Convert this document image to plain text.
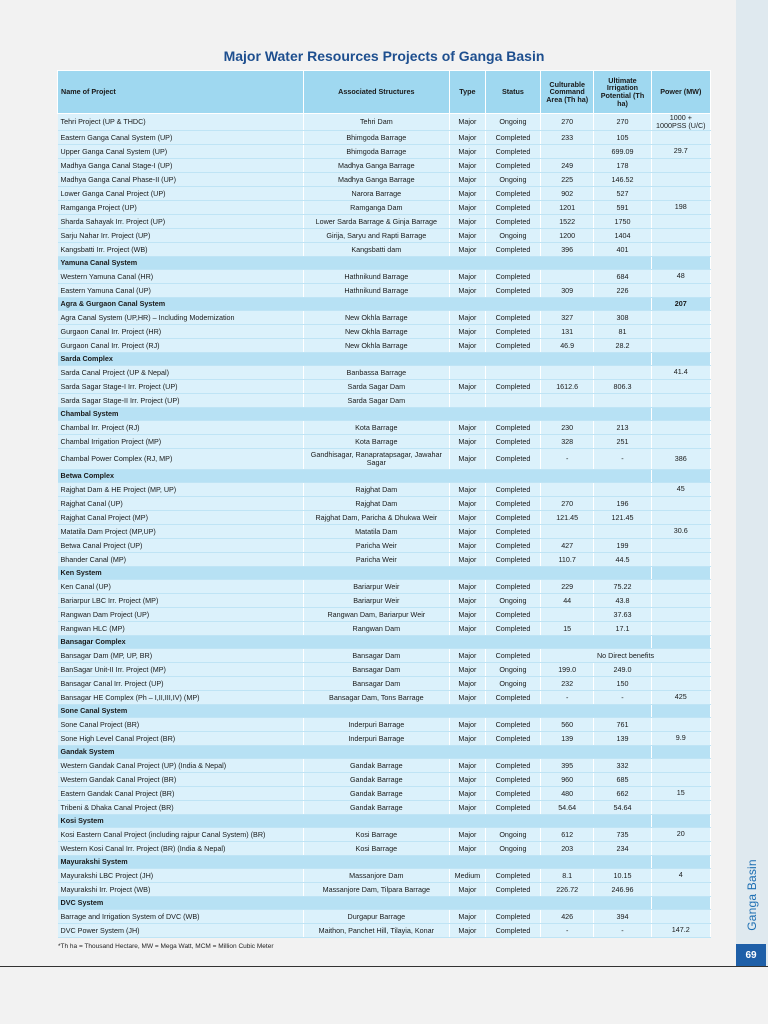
Ganga Basin
69
Major Water Resources Projects of Ganga Basin
Name of Project	Associated Structures	Type	Status	Culturable Command Area (Th ha)	Ultimate Irrigation Potential (Th ha)	Power (MW)
Tehri Project (UP & THDC)	Tehri Dam	Major	Ongoing	270	270	1000 + 1000PSS (U/C)
Eastern Ganga Canal System (UP)	Bhimgoda Barrage	Major	Completed	233	105	
Upper Ganga Canal System (UP)	Bhimgoda Barrage	Major	Completed		699.09	29.7
Madhya Ganga Canal Stage-I (UP)	Madhya Ganga Barrage	Major	Completed	249	178	
Madhya Ganga Canal Phase-II (UP)	Madhya Ganga Barrage	Major	Ongoing	225	146.52	
Lower Ganga Canal Project (UP)	Narora Barrage	Major	Completed	902	527	
Ramganga Project (UP)	Ramganga Dam	Major	Completed	1201	591	198
Sharda Sahayak Irr. Project (UP)	Lower Sarda Barrage & Ginja Barrage	Major	Completed	1522	1750	
Sarju Nahar Irr. Project (UP)	Girija, Saryu and Rapti Barrage	Major	Ongoing	1200	1404	
Kangsbatti Irr. Project (WB)	Kangsbatti dam	Major	Completed	396	401	
Yamuna Canal System						
Western Yamuna Canal (HR)	Hathnikund Barrage	Major	Completed		684	48
Eastern Yamuna Canal (UP)	Hathnikund Barrage	Major	Completed	309	226	
Agra & Gurgaon Canal System						207
Agra Canal System (UP,HR) – Including Modernization	New Okhla Barrage	Major	Completed	327	308	
Gurgaon Canal Irr. Project (HR)	New Okhla Barrage	Major	Completed	131	81	
Gurgaon Canal Irr. Project (RJ)	New Okhla Barrage	Major	Completed	46.9	28.2	
Sarda Complex						
Sarda Canal Project (UP & Nepal)	Banbassa Barrage					41.4
Sarda Sagar Stage-I Irr. Project (UP)	Sarda Sagar Dam	Major	Completed	1612.6	806.3	
Sarda Sagar Stage-II Irr. Project (UP)	Sarda Sagar Dam					
Chambal System						
Chambal Irr. Project (RJ)	Kota Barrage	Major	Completed	230	213	
Chambal Irrigation Project (MP)	Kota Barrage	Major	Completed	328	251	
Chambal Power Complex (RJ, MP)	Gandhisagar, Ranapratapsagar, Jawahar Sagar	Major	Completed	-	-	386
Betwa Complex						
Rajghat Dam & HE Project (MP, UP)	Rajghat Dam	Major	Completed			45
Rajghat Canal (UP)	Rajghat Dam	Major	Completed	270	196	
Rajghat Canal Project (MP)	Rajghat Dam, Paricha & Dhukwa Weir	Major	Completed	121.45	121.45	
Matatila Dam Project (MP,UP)	Matatila Dam	Major	Completed			30.6
Betwa Canal Project (UP)	Paricha Weir	Major	Completed	427	199	
Bhander Canal (MP)	Paricha Weir	Major	Completed	110.7	44.5	
Ken System						
Ken Canal (UP)	Bariarpur Weir	Major	Completed	229	75.22	
Bariarpur LBC Irr. Project (MP)	Bariarpur Weir	Major	Ongoing	44	43.8	
Rangwan Dam Project (UP)	Rangwan Dam, Bariarpur Weir	Major	Completed		37.63	
Rangwan HLC (MP)	Rangwan Dam	Major	Completed	15	17.1	
Bansagar Complex						
Bansagar Dam (MP, UP, BR)	Bansagar Dam	Major	Completed	No Direct benefits		
BanSagar Unit-II Irr. Project (MP)	Bansagar Dam	Major	Ongoing	199.0	249.0	
Bansagar Canal Irr. Project (UP)	Bansagar Dam	Major	Ongoing	232	150	
Bansagar HE Complex (Ph – I,II,III,IV) (MP)	Bansagar Dam, Tons Barrage	Major	Completed	-	-	425
Sone Canal System						
Sone Canal Project (BR)	Inderpuri Barrage	Major	Completed	560	761	
Sone High Level Canal Project (BR)	Inderpuri Barrage	Major	Completed	139	139	9.9
Gandak System						
Western Gandak Canal Project (UP) (India & Nepal)	Gandak Barrage	Major	Completed	395	332	
Western Gandak Canal Project (BR)	Gandak Barrage	Major	Completed	960	685	
Eastern Gandak Canal Project (BR)	Gandak Barrage	Major	Completed	480	662	15
Tribeni & Dhaka Canal Project (BR)	Gandak Barrage	Major	Completed	54.64	54.64	
Kosi System						
Kosi Eastern Canal Project (including rajpur Canal System) (BR)	Kosi Barrage	Major	Ongoing	612	735	20
Western Kosi Canal Irr. Project (BR) (India & Nepal)	Kosi Barrage	Major	Ongoing	203	234	
Mayurakshi System						
Mayurakshi LBC Project (JH)	Massanjore Dam	Medium	Completed	8.1	10.15	4
Mayurakshi Irr. Project (WB)	Massanjore Dam, Tilpara Barrage	Major	Completed	226.72	246.96	
DVC System						
Barrage and Irrigation System of DVC (WB)	Durgapur Barrage	Major	Completed	426	394	
DVC Power System (JH)	Maithon, Panchet Hill, Tilayia, Konar	Major	Completed	-	-	147.2
*Th ha = Thousand Hectare, MW = Mega Watt, MCM = Million Cubic Meter
